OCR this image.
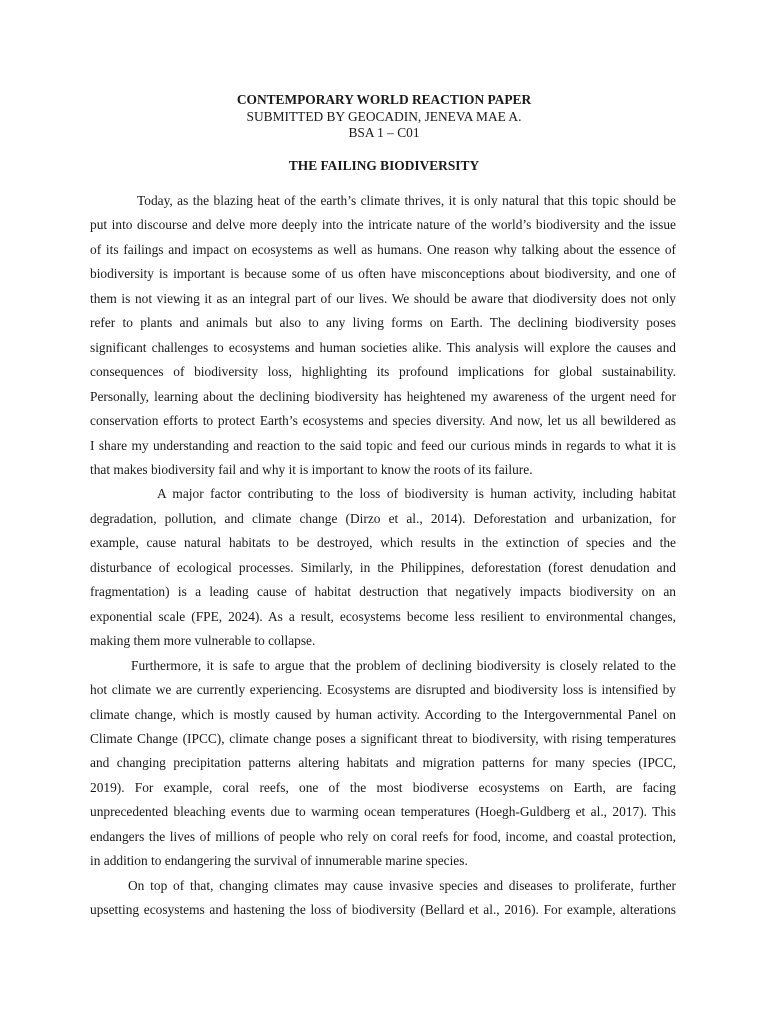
CONTEMPORARY WORLD REACTION PAPER
SUBMITTED BY GEOCADIN, JENEVA MAE A.
BSA 1 – C01
THE FAILING BIODIVERSITY
Today, as the blazing heat of the earth’s climate thrives, it is only natural that this topic should be
put into discourse and delve more deeply into the intricate nature of the world’s biodiversity and the issue
of its failings and impact on ecosystems as well as humans. One reason why talking about the essence of
biodiversity is important is because some of us often have misconceptions about biodiversity, and one of
them is not viewing it as an integral part of our lives. We should be aware that diodiversity does not only
refer to plants and animals but also to any living forms on Earth. The declining biodiversity poses
significant challenges to ecosystems and human societies alike. This analysis will explore the causes and
consequences of biodiversity loss, highlighting its profound implications for global sustainability.
Personally, learning about the declining biodiversity has heightened my awareness of the urgent need for
conservation efforts to protect Earth’s ecosystems and species diversity. And now, let us all bewildered as
I share my understanding and reaction to the said topic and feed our curious minds in regards to what it is
that makes biodiversity fail and why it is important to know the roots of its failure.
A major factor contributing to the loss of biodiversity is human activity, including habitat
degradation, pollution, and climate change (Dirzo et al., 2014). Deforestation and urbanization, for
example, cause natural habitats to be destroyed, which results in the extinction of species and the
disturbance of ecological processes. Similarly, in the Philippines, deforestation (forest denudation and
fragmentation) is a leading cause of habitat destruction that negatively impacts biodiversity on an
exponential scale (FPE, 2024). As a result, ecosystems become less resilient to environmental changes,
making them more vulnerable to collapse.
Furthermore, it is safe to argue that the problem of declining biodiversity is closely related to the
hot climate we are currently experiencing. Ecosystems are disrupted and biodiversity loss is intensified by
climate change, which is mostly caused by human activity. According to the Intergovernmental Panel on
Climate Change (IPCC), climate change poses a significant threat to biodiversity, with rising temperatures
and changing precipitation patterns altering habitats and migration patterns for many species (IPCC,
2019). For example, coral reefs, one of the most biodiverse ecosystems on Earth, are facing
unprecedented bleaching events due to warming ocean temperatures (Hoegh-Guldberg et al., 2017). This
endangers the lives of millions of people who rely on coral reefs for food, income, and coastal protection,
in addition to endangering the survival of innumerable marine species.
On top of that, changing climates may cause invasive species and diseases to proliferate, further
upsetting ecosystems and hastening the loss of biodiversity (Bellard et al., 2016). For example, alterations
